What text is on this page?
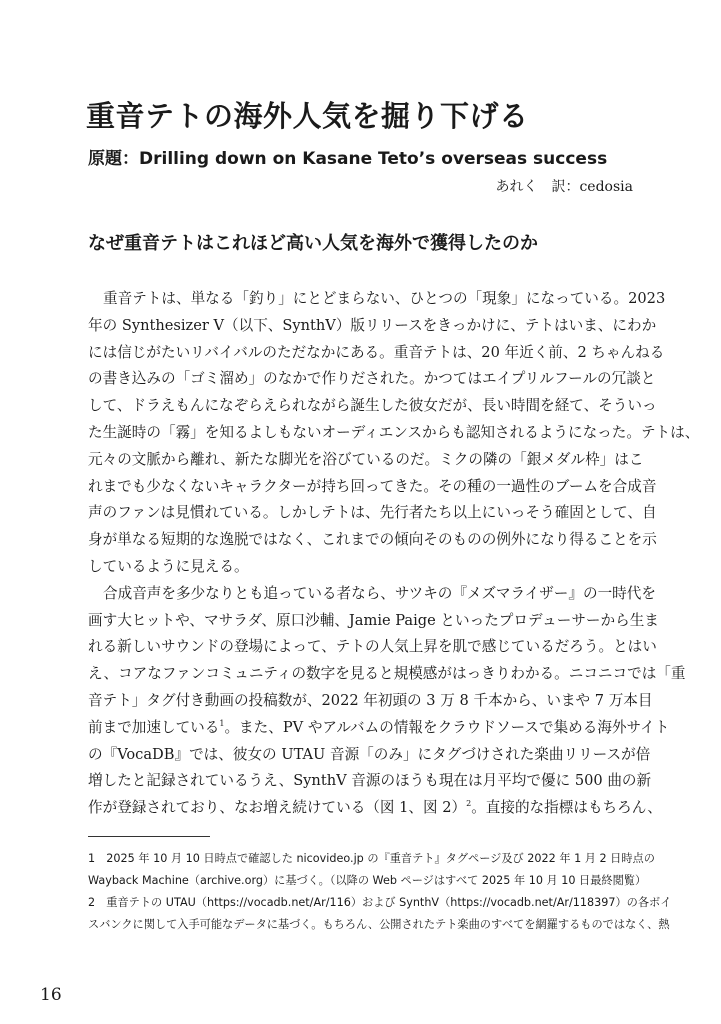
重音テトの海外人気を掘り下げる
原題：Drilling down on Kasane Teto’s overseas success
あれく　訳：cedosia
なぜ重音テトはこれほど高い人気を海外で獲得したのか
重音テトは、単なる「釣り」にとどまらない、ひとつの「現象」になっている。2023
年の Synthesizer V（以下、SynthV）版リリースをきっかけに、テトはいま、にわか
には信じがたいリバイバルのただなかにある。重音テトは、20 年近く前、2 ちゃんねる
の書き込みの「ゴミ溜め」のなかで作りだされた。かつてはエイプリルフールの冗談と
して、ドラえもんになぞらえられながら誕生した彼女だが、長い時間を経て、そういっ
た生誕時の「霧」を知るよしもないオーディエンスからも認知されるようになった。テトは、
元々の文脈から離れ、新たな脚光を浴びているのだ。ミクの隣の「銀メダル枠」はこ
れまでも少なくないキャラクターが持ち回ってきた。その種の一過性のブームを合成音
声のファンは見慣れている。しかしテトは、先行者たち以上にいっそう確固として、自
身が単なる短期的な逸脱ではなく、これまでの傾向そのものの例外になり得ることを示
しているように見える。
合成音声を多少なりとも追っている者なら、サツキの『メズマライザー』の一時代を
画す大ヒットや、マサラダ、原口沙輔、Jamie Paige といったプロデューサーから生ま
れる新しいサウンドの登場によって、テトの人気上昇を肌で感じているだろう。とはい
え、コアなファンコミュニティの数字を見ると規模感がはっきりわかる。ニコニコでは「重
音テト」タグ付き動画の投稿数が、2022 年初頭の 3 万 8 千本から、いまや 7 万本目
前まで加速している$^1$。また、PV やアルバムの情報をクラウドソースで集める海外サイト
の『VocaDB』では、彼女の UTAU 音源「のみ」にタグづけされた楽曲リリースが倍
増したと記録されているうえ、SynthV 音源のほうも現在は月平均で優に 500 曲の新
作が登録されており、なお増え続けている（図 1、図 2）$^2$。直接的な指標はもちろん、
1　2025 年 10 月 10 日時点で確認した nicovideo.jp の『重音テト』タグページ及び 2022 年 1 月 2 日時点の
Wayback Machine（archive.org）に基づく。（以降の Web ページはすべて 2025 年 10 月 10 日最終閲覧）
2　重音テトの UTAU（https://vocadb.net/Ar/116）および SynthV（https://vocadb.net/Ar/118397）の各ボイ
スバンクに関して入手可能なデータに基づく。もちろん、公開されたテト楽曲のすべてを網羅するものではなく、熱
16
